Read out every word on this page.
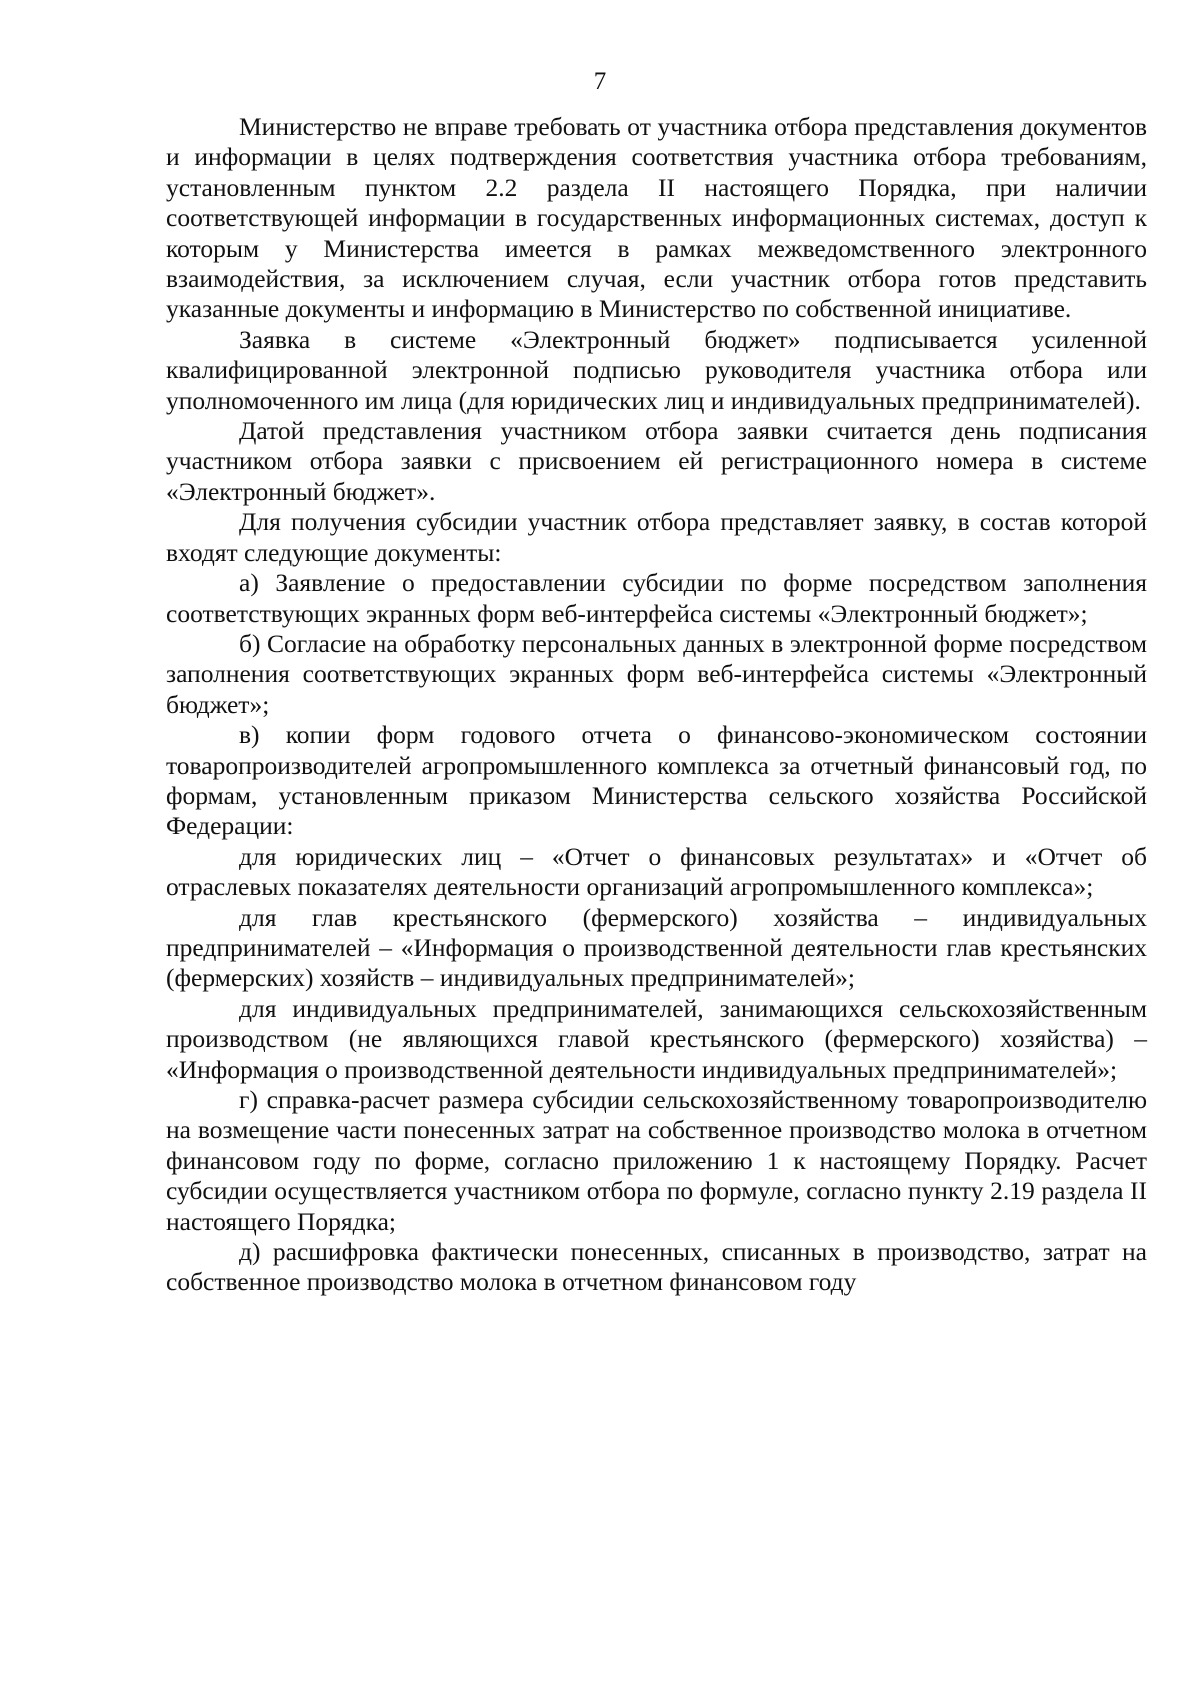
7

Министерство не вправе требовать от участника отбора представления документов и информации в целях подтверждения соответствия участника отбора требованиям, установленным пунктом 2.2 раздела II настоящего Порядка, при наличии соответствующей информации в государственных информационных системах, доступ к которым у Министерства имеется в рамках межведомственного электронного взаимодействия, за исключением случая, если участник отбора готов представить указанные документы и информацию в Министерство по собственной инициативе.

Заявка в системе «Электронный бюджет» подписывается усиленной квалифицированной электронной подписью руководителя участника отбора или уполномоченного им лица (для юридических лиц и индивидуальных предпринимателей).

Датой представления участником отбора заявки считается день подписания участником отбора заявки с присвоением ей регистрационного номера в системе «Электронный бюджет».

Для получения субсидии участник отбора представляет заявку, в состав которой входят следующие документы:

а) Заявление о предоставлении субсидии по форме посредством заполнения соответствующих экранных форм веб-интерфейса системы «Электронный бюджет»;

б) Согласие на обработку персональных данных в электронной форме посредством заполнения соответствующих экранных форм веб-интерфейса системы «Электронный бюджет»;

в) копии форм годового отчета о финансово-экономическом состоянии товаропроизводителей агропромышленного комплекса за отчетный финансовый год, по формам, установленным приказом Министерства сельского хозяйства Российской Федерации:

для юридических лиц – «Отчет о финансовых результатах» и «Отчет об отраслевых показателях деятельности организаций агропромышленного комплекса»;

для глав крестьянского (фермерского) хозяйства – индивидуальных предпринимателей – «Информация о производственной деятельности глав крестьянских (фермерских) хозяйств – индивидуальных предпринимателей»;

для индивидуальных предпринимателей, занимающихся сельскохозяйственным производством (не являющихся главой крестьянского (фермерского) хозяйства) – «Информация о производственной деятельности индивидуальных предпринимателей»;

г) справка-расчет размера субсидии сельскохозяйственному товаропроизводителю на возмещение части понесенных затрат на собственное производство молока в отчетном финансовом году по форме, согласно приложению 1 к настоящему Порядку. Расчет субсидии осуществляется участником отбора по формуле, согласно пункту 2.19 раздела II настоящего Порядка;

д) расшифровка фактически понесенных, списанных в производство, затрат на собственное производство молока в отчетном финансовом году
